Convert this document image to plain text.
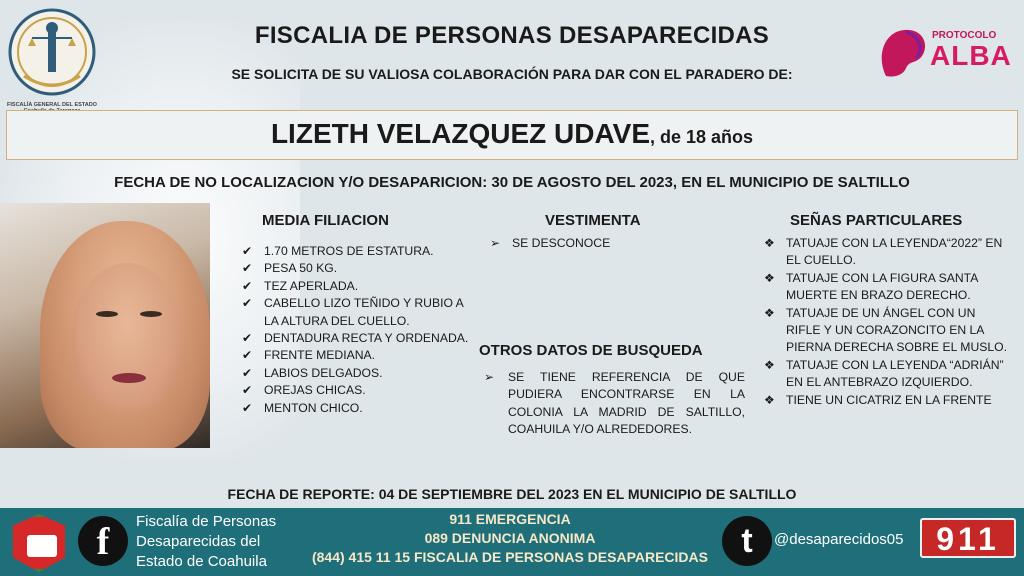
FISCALÍA GENERAL DEL ESTADO
PROTOCOLO
ALBA
FISCALIA DE PERSONAS DESAPARECIDAS
SE SOLICITA DE SU VALIOSA COLABORACIÓN PARA DAR CON EL PARADERO DE:
LIZETH VELAZQUEZ UDAVE, de 18 años
FECHA DE NO LOCALIZACION Y/O DESAPARICION: 30 DE AGOSTO DEL 2023, EN EL MUNICIPIO DE SALTILLO
MEDIA FILIACION
✔ 1.70 METROS DE ESTATURA.
✔ PESA 50 KG.
✔ TEZ APERLADA.
✔ CABELLO LIZO TEÑIDO Y RUBIO A LA ALTURA DEL CUELLO.
✔ DENTADURA RECTA Y ORDENADA.
✔ FRENTE MEDIANA.
✔ LABIOS DELGADOS.
✔ OREJAS CHICAS.
✔ MENTON CHICO.
VESTIMENTA
➢ SE DESCONOCE
OTROS DATOS DE BUSQUEDA
➢ SE TIENE REFERENCIA DE QUE PUDIERA ENCONTRARSE EN LA COLONIA LA MADRID DE SALTILLO, COAHUILA Y/O ALREDEDORES.
SEÑAS PARTICULARES
❖ TATUAJE CON LA LEYENDA“2022” EN EL CUELLO.
❖ TATUAJE CON LA FIGURA SANTA MUERTE EN BRAZO DERECHO.
❖ TATUAJE DE UN ÁNGEL CON UN RIFLE Y UN CORAZONCITO EN LA PIERNA DERECHA SOBRE EL MUSLO.
❖ TATUAJE CON LA LEYENDA “ADRIÁN” EN EL ANTEBRAZO IZQUIERDO.
❖ TIENE UN CICATRIZ EN LA FRENTE
FECHA DE REPORTE: 04 DE SEPTIEMBRE DEL 2023 EN EL MUNICIPIO DE SALTILLO
f	Fiscalía de Personas
Desaparecidas del
Estado de Coahuila
911 EMERGENCIA
089 DENUNCIA ANONIMA
(844) 415 11 15 FISCALIA DE PERSONAS DESAPARECIDAS t	@desaparecidos05	911
